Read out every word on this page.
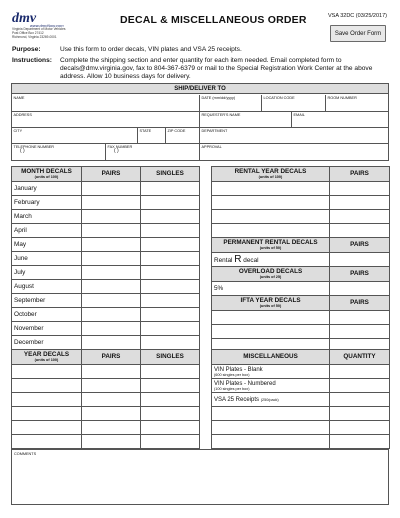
dmv
www.dmvNow.com
Virginia Department of Motor Vehicles
Post Office Box 27412
Richmond, Virginia 23269-0001
DECAL & MISCELLANEOUS ORDER	VSA 32DC (03/25/2017)
Save Order Form
Purpose:	Use this form to order decals, VIN plates and VSA 25 receipts.
Instructions: Complete the shipping section and enter quantity for each item needed. Email completed form to decals@dmv.virginia.gov, fax to 804-367-6379 or mail to the Special Registration Work Center at the above address. Allow 10 business days for delivery.
SHIP/DELIVER TO
NAME	DATE (mm/dd/yyyy)	LOCATION CODE	ROOM NUMBER
ADDRESS	REQUESTER'S NAME	EMAIL
CITY	STATE	ZIP CODE	DEPARTMENT
TELEPHONE NUMBER
( )
FAX NUMBER
( )
APPROVAL
MONTH DECALS
(units of 100)	PAIRS	SINGLES
January		
February		
March		
April		
May		
June		
July		
August		
September		
October		
November		
December		
YEAR DECALS
(units of 100)	PAIRS	SINGLES

RENTAL YEAR DECALS
(units of 100)	PAIRS

PERMANENT RENTAL DECALS
(units of 50)	PAIRS
Rental R decal	
OVERLOAD DECALS
(units of 25)	PAIRS
5%	
IFTA YEAR DECALS
(units of 50)	PAIRS

MISCELLANEOUS	QUANTITY
VIN Plates - Blank
(600 singles per box)	

VIN Plates - Numbered
(100 singles per box)	

VSA 25 Receipts (250/pack)	

COMMENTS
